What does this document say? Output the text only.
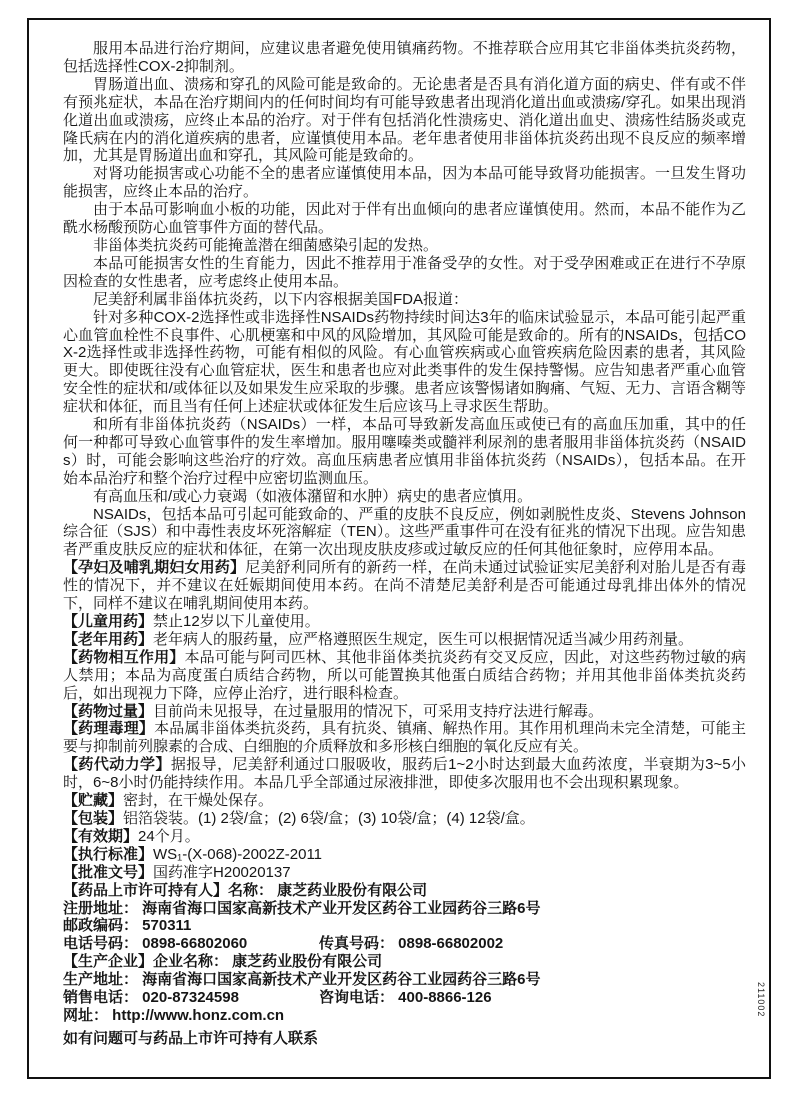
服用本品进行治疗期间，应建议患者避免使用镇痛药物。不推荐联合应用其它非甾体类抗炎药物，包括选择性COX-2抑制剂。

胃肠道出血、溃疡和穿孔的风险可能是致命的。无论患者是否具有消化道方面的病史、伴有或不伴有预兆症状，本品在治疗期间内的任何时间均有可能导致患者出现消化道出血或溃疡/穿孔。如果出现消化道出血或溃疡，应终止本品的治疗。对于伴有包括消化性溃疡史、消化道出血史、溃疡性结肠炎或克隆氏病在内的消化道疾病的患者，应谨慎使用本品。老年患者使用非甾体抗炎药出现不良反应的频率增加，尤其是胃肠道出血和穿孔，其风险可能是致命的。

对肾功能损害或心功能不全的患者应谨慎使用本品，因为本品可能导致肾功能损害。一旦发生肾功能损害，应终止本品的治疗。

由于本品可影响血小板的功能，因此对于伴有出血倾向的患者应谨慎使用。然而，本品不能作为乙酰水杨酸预防心血管事件方面的替代品。

非甾体类抗炎药可能掩盖潜在细菌感染引起的发热。

本品可能损害女性的生育能力，因此不推荐用于准备受孕的女性。对于受孕困难或正在进行不孕原因检查的女性患者，应考虑终止使用本品。

尼美舒利属非甾体抗炎药，以下内容根据美国FDA报道：

针对多种COX-2选择性或非选择性NSAIDs药物持续时间达3年的临床试验显示，本品可能引起严重心血管血栓性不良事件、心肌梗塞和中风的风险增加，其风险可能是致命的。所有的NSAIDs，包括COX-2选择性或非选择性药物，可能有相似的风险。有心血管疾病或心血管疾病危险因素的患者，其风险更大。即使既往没有心血管症状，医生和患者也应对此类事件的发生保持警惕。应告知患者严重心血管安全性的症状和/或体征以及如果发生应采取的步骤。患者应该警惕诸如胸痛、气短、无力、言语含糊等症状和体征，而且当有任何上述症状或体征发生后应该马上寻求医生帮助。

和所有非甾体抗炎药（NSAIDs）一样，本品可导致新发高血压或使已有的高血压加重，其中的任何一种都可导致心血管事件的发生率增加。服用噻嗪类或髓袢利尿剂的患者服用非甾体抗炎药（NSAIDs）时，可能会影响这些治疗的疗效。高血压病患者应慎用非甾体抗炎药（NSAIDs），包括本品。在开始本品治疗和整个治疗过程中应密切监测血压。

有高血压和/或心力衰竭（如液体潴留和水肿）病史的患者应慎用。

NSAIDs，包括本品可引起可能致命的、严重的皮肤不良反应，例如剥脱性皮炎、Stevens Johnson综合征（SJS）和中毒性表皮坏死溶解症（TEN）。这些严重事件可在没有征兆的情况下出现。应告知患者严重皮肤反应的症状和体征，在第一次出现皮肤皮疹或过敏反应的任何其他征象时，应停用本品。

【孕妇及哺乳期妇女用药】尼美舒利同所有的新药一样，在尚未通过试验证实尼美舒利对胎儿是否有毒性的情况下，并不建议在妊娠期间使用本药。在尚不清楚尼美舒利是否可能通过母乳排出体外的情况下，同样不建议在哺乳期间使用本药。

【儿童用药】禁止12岁以下儿童使用。

【老年用药】老年病人的服药量，应严格遵照医生规定，医生可以根据情况适当减少用药剂量。

【药物相互作用】本品可能与阿司匹林、其他非甾体类抗炎药有交叉反应，因此，对这些药物过敏的病人禁用；本品为高度蛋白质结合药物，所以可能置换其他蛋白质结合药物；并用其他非甾体类抗炎药后，如出现视力下降，应停止治疗，进行眼科检查。

【药物过量】目前尚未见报导，在过量服用的情况下，可采用支持疗法进行解毒。

【药理毒理】本品属非甾体类抗炎药，具有抗炎、镇痛、解热作用。其作用机理尚未完全清楚，可能主要与抑制前列腺素的合成、白细胞的介质释放和多形核白细胞的氧化反应有关。

【药代动力学】据报导，尼美舒利通过口服吸收，服药后1~2小时达到最大血药浓度，半衰期为3~5小时，6~8小时仍能持续作用。本品几乎全部通过尿液排泄，即使多次服用也不会出现积累现象。

【贮藏】密封，在干燥处保存。

【包装】铝箔袋装。(1) 2袋/盒；(2) 6袋/盒；(3) 10袋/盒；(4) 12袋/盒。

【有效期】24个月。

【执行标准】WS₁-(X-068)-2002Z-2011

【批准文号】国药准字H20020137

【药品上市许可持有人】名称： 康芝药业股份有限公司

注册地址： 海南省海口国家高新技术产业开发区药谷工业园药谷三路6号

邮政编码： 570311

电话号码： 0898-66802060	传真号码： 0898-66802002

【生产企业】企业名称： 康芝药业股份有限公司

生产地址： 海南省海口国家高新技术产业开发区药谷工业园药谷三路6号

销售电话： 020-87324598	咨询电话： 400-8866-126

网址： http://www.honz.com.cn

如有问题可与药品上市许可持有人联系

211002
